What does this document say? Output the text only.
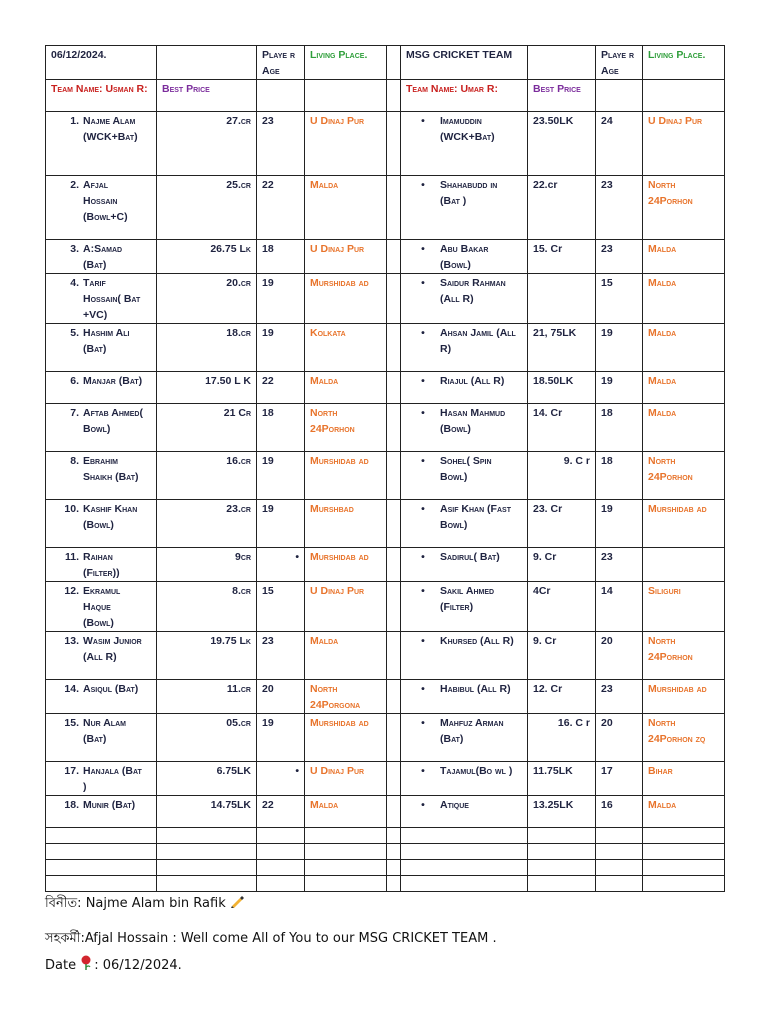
06/12/2024.		Playe r Age	Living Place.		MSG CRICKET TEAM		Playe r Age	Living Place.
Team Name: Usman R:	Best Price				Team Name: Umar R:	Best Price		
1. Najme Alam (WCK+Bat)	27.cr	23	U Dinaj Pur		• Imamuddin (WCK+Bat)	23.50LK	24	U Dinaj Pur
2. Afjal Hossain (Bowl+C)	25.cr	22	Malda		• Shahabudd in (Bat )	22.cr	23	North 24Porhon
3. A:Samad (Bat)	26.75 Lk	18	U Dinaj Pur		• Abu Bakar (Bowl)	15. Cr	23	Malda
4. Tarif Hossain( Bat +VC)	20.cr	19	Murshidab ad		• Saidur Rahman (All R)		15	Malda
5. Hashim Ali (Bat)	18.cr	19	Kolkata		• Ahsan Jamil (All R)	21, 75LK	19	Malda
6. Manjar (Bat)	17.50 L K	22	Malda		• Riajul (All R)	18.50LK	19	Malda
7. Aftab Ahmed( Bowl)	21 Cr	18	North 24Porhon		• Hasan Mahmud (Bowl)	14. Cr	18	Malda
8. Ebrahim Shaikh (Bat)	16.cr	19	Murshidab ad		• Sohel( Spin Bowl)	9. C r	18	North 24Porhon
10. Kashif Khan (Bowl)	23.cr	19	Murshbad		• Asif Khan (Fast Bowl)	23. Cr	19	Murshidab ad
11. Raihan (Filter))	9cr	•	Murshidab ad		• Sadirul( Bat)	9. Cr	23	
12. Ekramul Haque (Bowl)	8.cr	15	U Dinaj Pur		• Sakil Ahmed (Filter)	4Cr	14	Siliguri
13. Wasim Junior (All R)	19.75 Lk	23	Malda		• Khursed (All R)	9. Cr	20	North 24Porhon
14. Asiqul (Bat)	11.cr	20	North 24Porgona		• Habibul (All R)	12. Cr	23	Murshidab ad
15. Nur Alam (Bat)	05.cr	19	Murshidab ad		• Mahfuz Arman (Bat)	16. C r	20	North 24Porhon zq
17. Hanjala (Bat )	6.75LK	•	U Dinaj Pur		• Tajamul(Bo wl )	11.75LK	17	Bihar
18. Munir (Bat)	14.75LK	22	Malda		• Atique	13.25LK	16	Malda

বিনীত: Najme Alam bin Rafik
সহকর্মী:Afjal Hossain : Well come All of You to our MSG CRICKET TEAM .
Date : 06/12/2024.
